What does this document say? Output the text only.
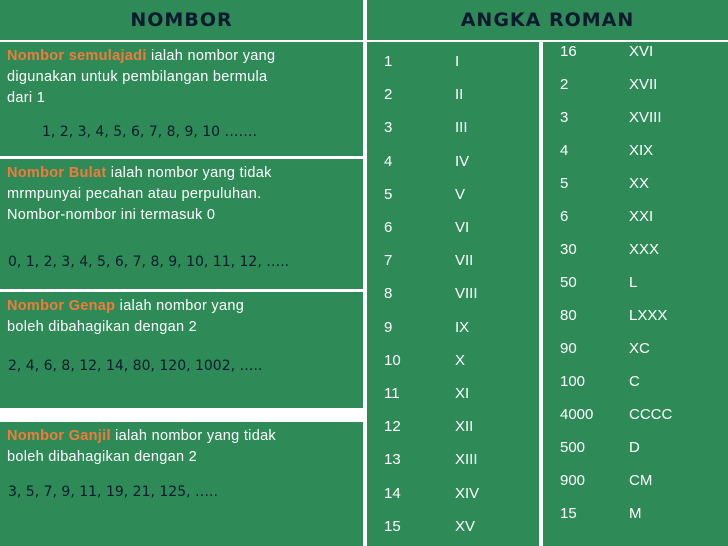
NOMBOR	ANGKA ROMAN

Nombor semulajadi ialah nombor yang

digunakan untuk pembilangan bermula

dari 1

1, 2, 3, 4, 5, 6, 7, 8, 9, 10 …….

Nombor Bulat ialah nombor yang tidak

mrmpunyai pecahan atau perpuluhan.

Nombor-nombor ini termasuk 0

0, 1, 2, 3, 4, 5, 6, 7, 8, 9, 10, 11, 12, …..

Nombor Genap ialah nombor yang

boleh dibahagikan dengan 2

2, 4, 6, 8, 12, 14, 80, 120, 1002, …..

Nombor Ganjil ialah nombor yang tidak

boleh dibahagikan dengan 2

3, 5, 7, 9, 11, 19, 21, 125, …..
1	I
2	II
3	III
4	IV
5	V
6	VI
7	VII
8	VIII
9	IX
10	X
11	XI
12	XII
13	XIII
14	XIV
15	XV
16	XVI
2	XVII
3	XVIII
4	XIX
5	XX
6	XXI
30	XXX
50	L
80	LXXX
90	XC
100	C
4000 CCCC
500	D
900	CM
15	M
